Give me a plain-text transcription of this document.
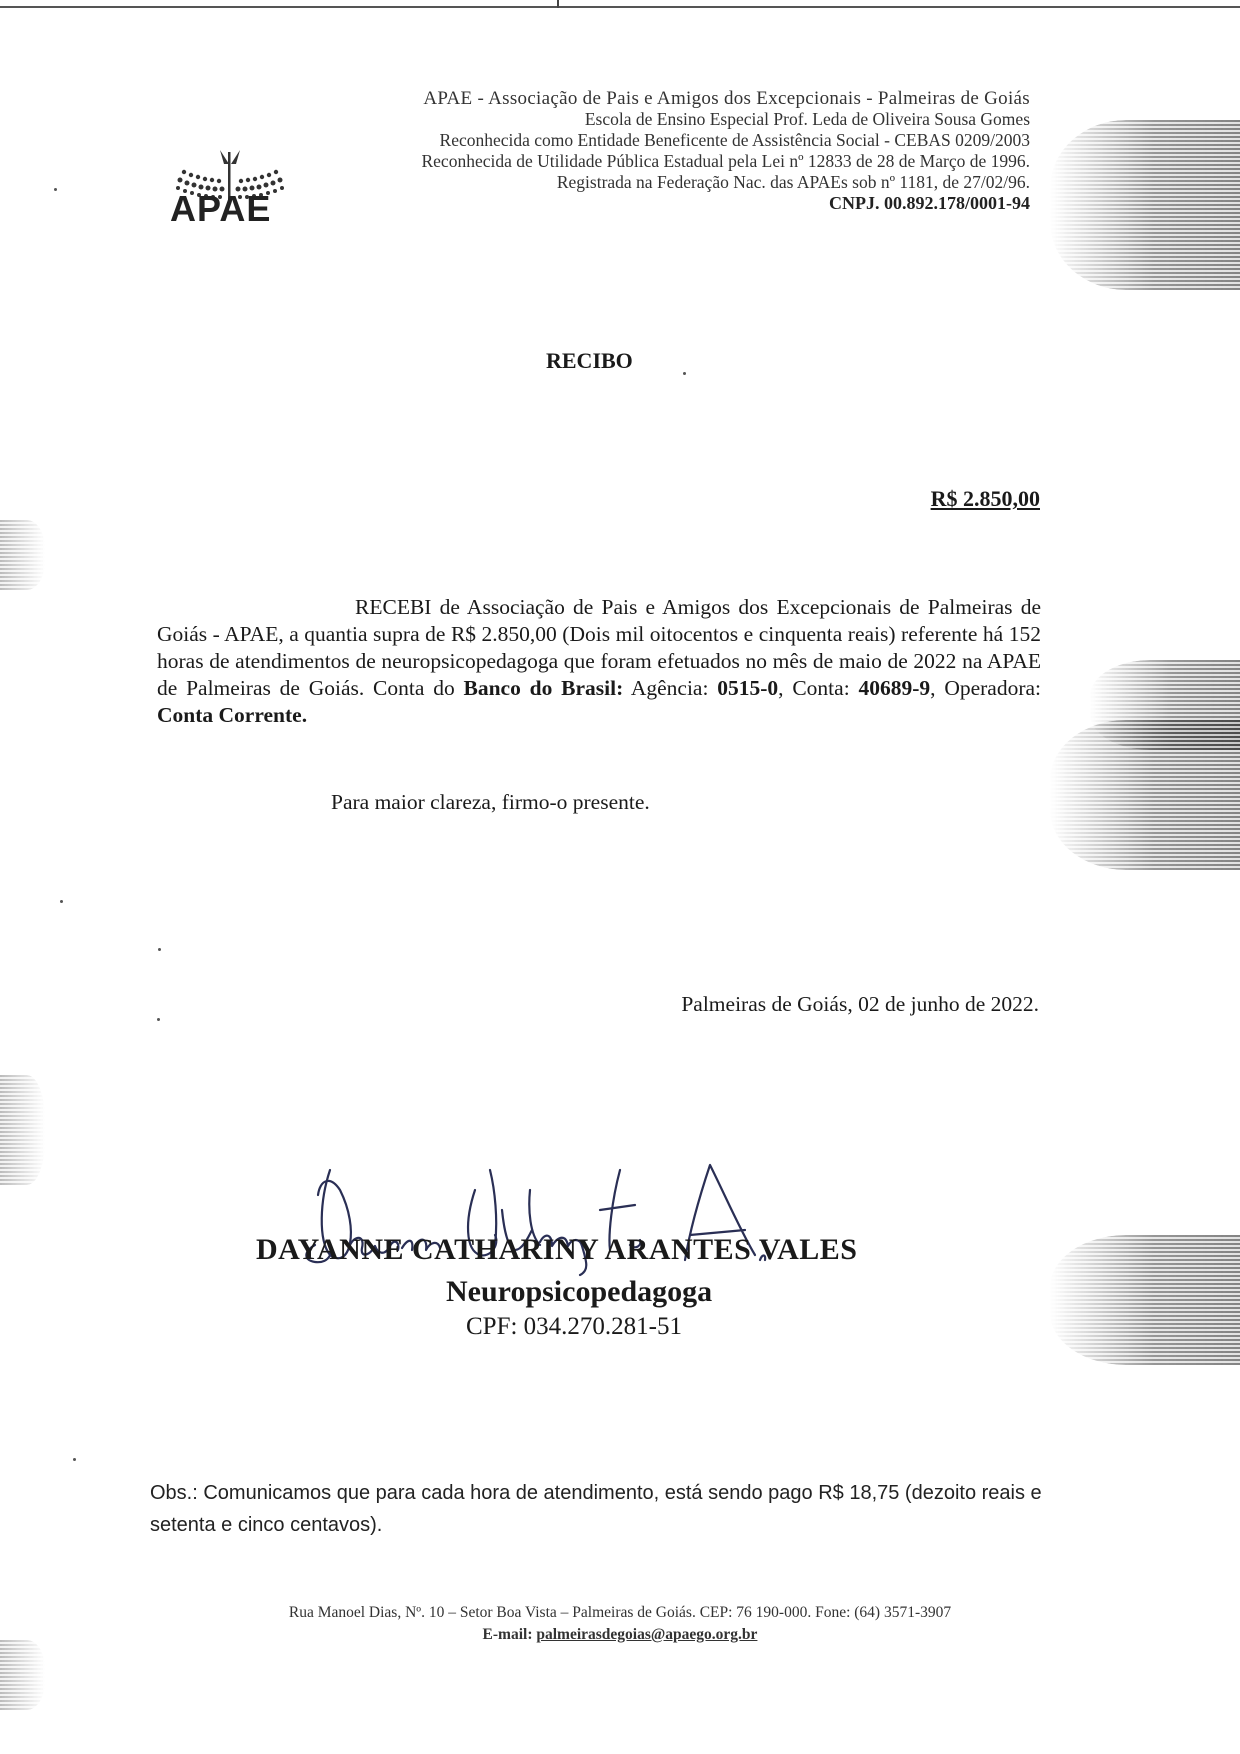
APAE
APAE - Associação de Pais e Amigos dos Excepcionais - Palmeiras de Goiás
Escola de Ensino Especial Prof. Leda de Oliveira Sousa Gomes
Reconhecida como Entidade Beneficente de Assistência Social - CEBAS 0209/2003
Reconhecida de Utilidade Pública Estadual pela Lei nº 12833 de 28 de Março de 1996.
Registrada na Federação Nac. das APAEs sob nº 1181, de 27/02/96.
CNPJ. 00.892.178/0001-94
RECIBO
R$ 2.850,00

RECEBI de Associação de Pais e Amigos dos Excepcionais de Palmeiras de Goiás - APAE, a quantia supra de R$ 2.850,00 (Dois mil oitocentos e cinquenta reais) referente há 152 horas de atendimentos de neuropsicopedagoga que foram efetuados no mês de maio de 2022 na APAE de Palmeiras de Goiás. Conta do Banco do Brasil: Agência: 0515-0, Conta: 40689-9, Operadora: Conta Corrente.

Para maior clareza, firmo-o presente.
Palmeiras de Goiás, 02 de junho de 2022.
DAYANNE CATHARINY ARANTES VALES
Neuropsicopedagoga
CPF: 034.270.281-51
Obs.: Comunicamos que para cada hora de atendimento, está sendo pago R$ 18,75 (dezoito reais e setenta e cinco centavos).
Rua Manoel Dias, Nº. 10 – Setor Boa Vista – Palmeiras de Goiás. CEP: 76 190-000. Fone: (64) 3571-3907
E-mail: palmeirasdegoias@apaego.org.br
